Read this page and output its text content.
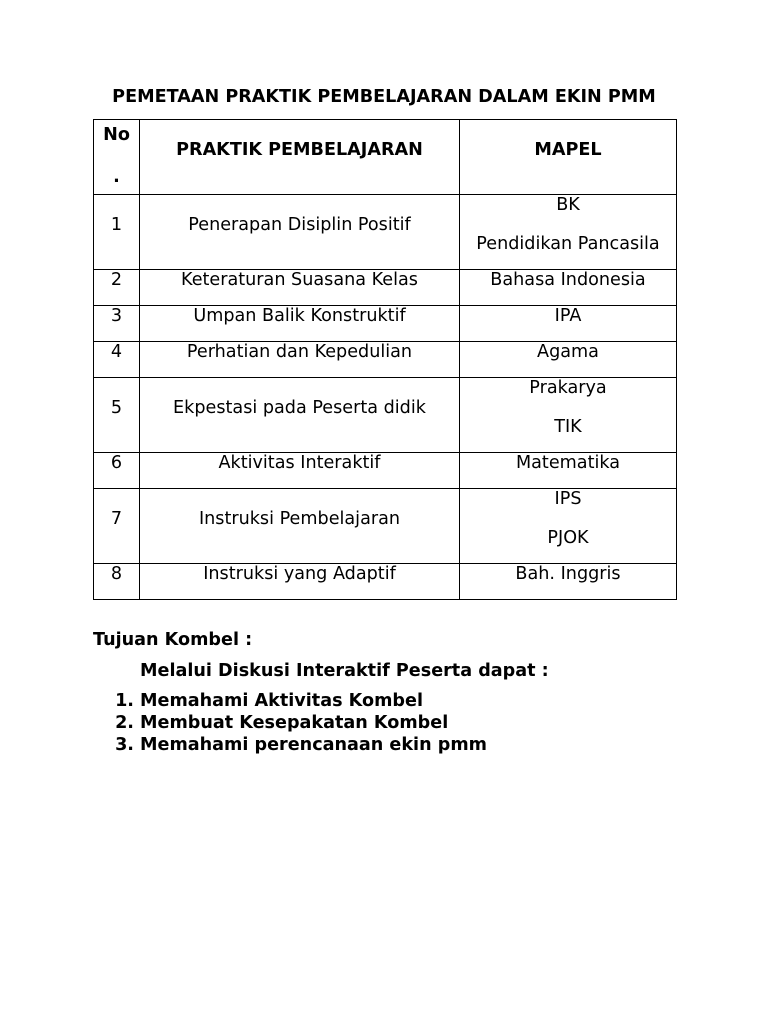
PEMETAAN PRAKTIK PEMBELAJARAN DALAM EKIN PMM
No.	PRAKTIK PEMBELAJARAN	MAPEL
1	Penerapan Disiplin Positif	BK
Pendidikan Pancasila

2	Keteraturan Suasana Kelas	Bahasa Indonesia

3	Umpan Balik Konstruktif	IPA

4	Perhatian dan Kepedulian	Agama

5	Ekpestasi pada Peserta didik	Prakarya
TIK

6	Aktivitas Interaktif	Matematika

7	Instruksi Pembelajaran	IPS
PJOK

8	Instruksi yang Adaptif	Bah. Inggris
Tujuan Kombel :
Melalui Diskusi Interaktif Peserta dapat :
1. Memahami Aktivitas Kombel
2. Membuat Kesepakatan Kombel
3. Memahami perencanaan ekin pmm
